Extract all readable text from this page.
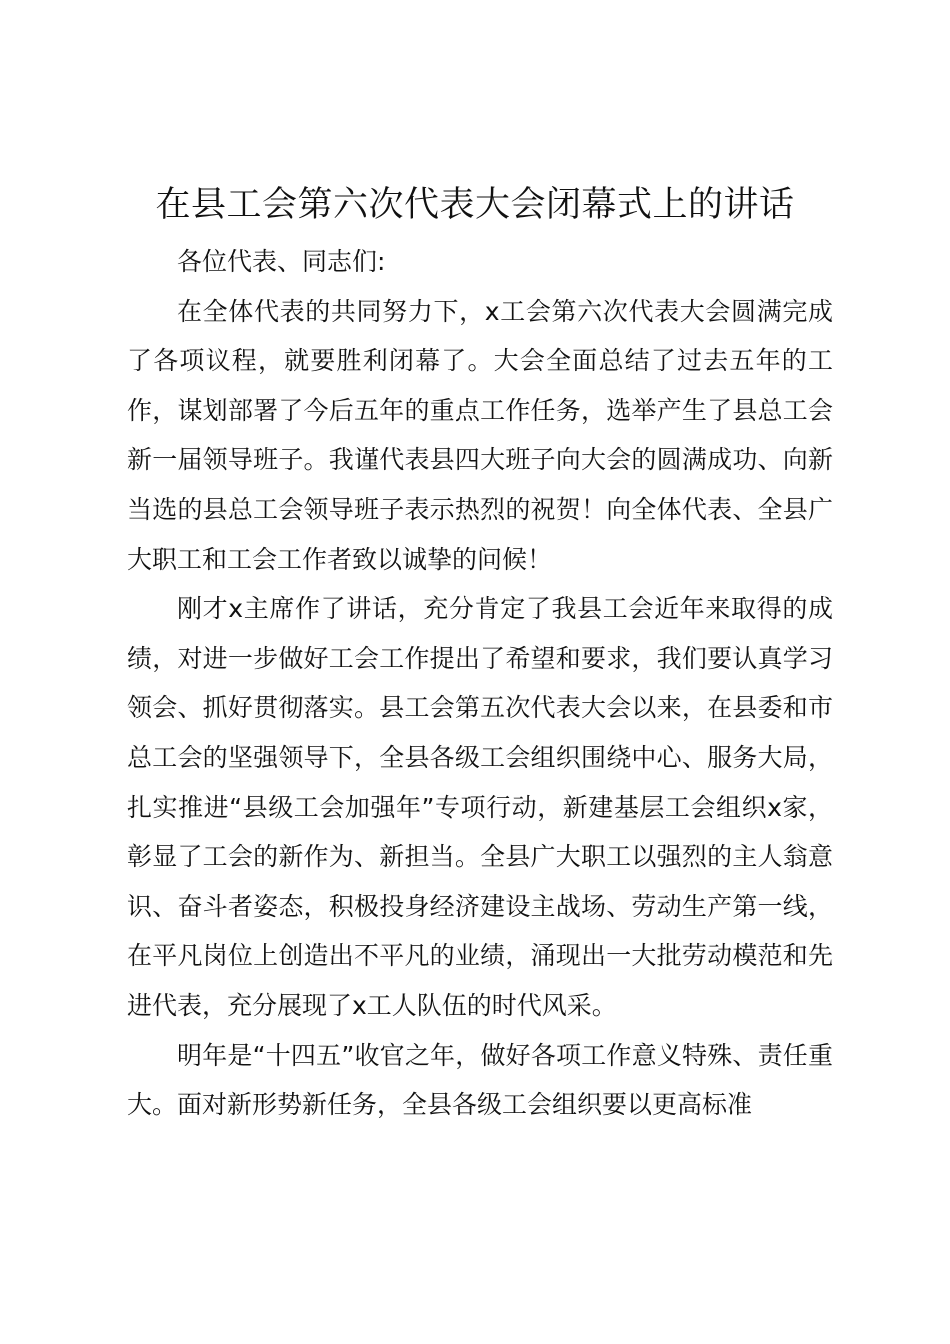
在县工会第六次代表大会闭幕式上的讲话

各位代表、同志们:

在全体代表的共同努力下，x工会第六次代表大会圆满完成了各项议程，就要胜利闭幕了。大会全面总结了过去五年的工作，谋划部署了今后五年的重点工作任务，选举产生了县总工会新一届领导班子。我谨代表县四大班子向大会的圆满成功、向新当选的县总工会领导班子表示热烈的祝贺！向全体代表、全县广大职工和工会工作者致以诚挚的问候！

刚才x主席作了讲话，充分肯定了我县工会近年来取得的成绩，对进一步做好工会工作提出了希望和要求，我们要认真学习领会、抓好贯彻落实。县工会第五次代表大会以来，在县委和市总工会的坚强领导下，全县各级工会组织围绕中心、服务大局，扎实推进“县级工会加强年”专项行动，新建基层工会组织x家，彰显了工会的新作为、新担当。全县广大职工以强烈的主人翁意识、奋斗者姿态，积极投身经济建设主战场、劳动生产第一线，在平凡岗位上创造出不平凡的业绩，涌现出一大批劳动模范和先进代表，充分展现了x工人队伍的时代风采。

明年是“十四五”收官之年，做好各项工作意义特殊、责任重大。面对新形势新任务，全县各级工会组织要以更高标准
